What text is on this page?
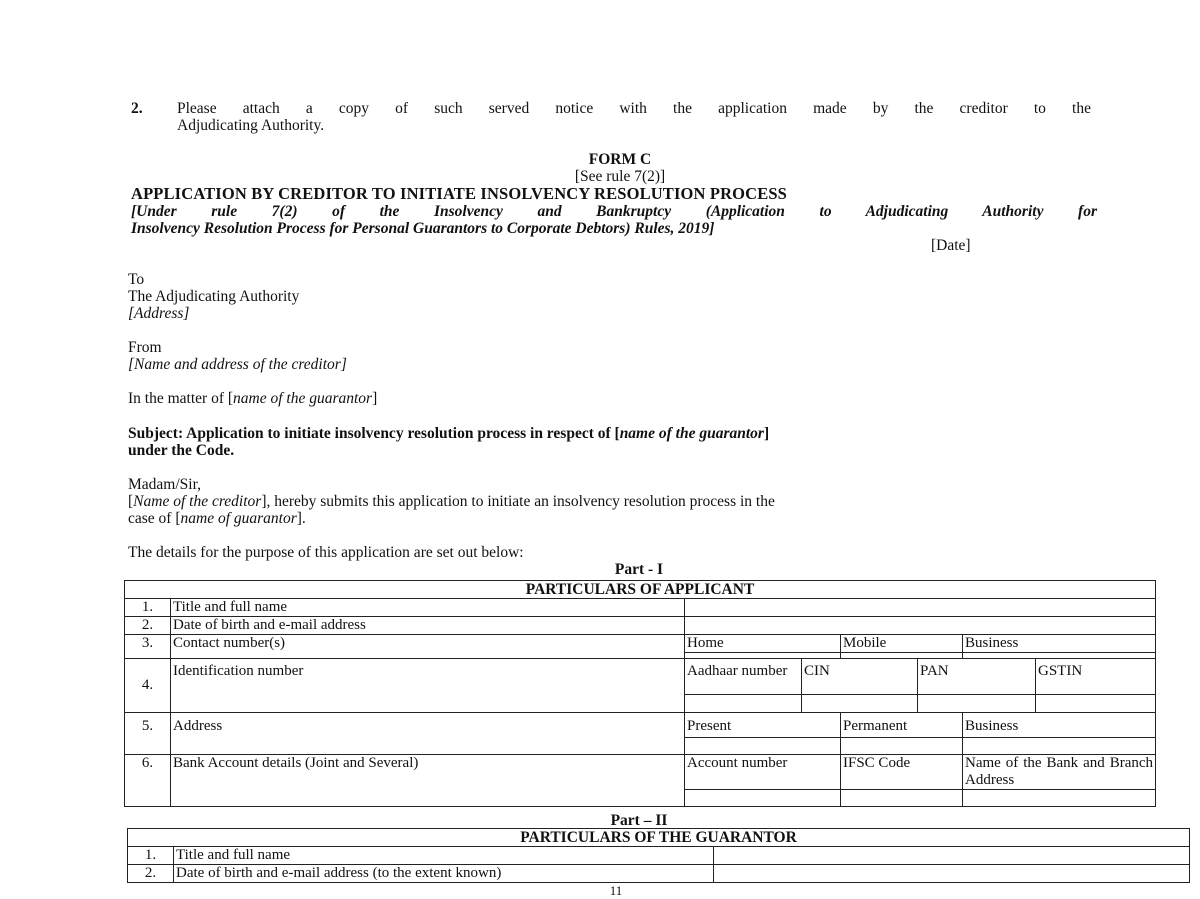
2. Please attach a copy of such served notice with the application made by the creditor to the
Adjudicating Authority.
FORM C
[See rule 7(2)]
APPLICATION BY CREDITOR TO INITIATE INSOLVENCY RESOLUTION PROCESS
[Under rule 7(2) of the Insolvency and Bankruptcy (Application to Adjudicating Authority for
Insolvency Resolution Process for Personal Guarantors to Corporate Debtors) Rules, 2019]
[Date]
To
The Adjudicating Authority
[Address]
From
[Name and address of the creditor]
In the matter of [name of the guarantor]
Subject: Application to initiate insolvency resolution process in respect of [name of the guarantor]
under the Code.
Madam/Sir,
[Name of the creditor], hereby submits this application to initiate an insolvency resolution process in the
case of [name of guarantor].
The details for the purpose of this application are set out below:
Part - I
PARTICULARS OF APPLICANT							
1.	Title and full name						
2.	Date of birth and e-mail address						
3.	Contact number(s)	Home		Mobile		Business	

4.	Identification number	Aadhaar number	CIN		PAN		GSTIN

5.	Address	Present		Permanent		Business	

6.	Bank Account details (Joint and Several)	Account number		IFSC Code		Name of the Bank and Branch Address	

Part – II
PARTICULARS OF THE GUARANTOR		
1.	Title and full name	
2.	Date of birth and e-mail address (to the extent known)	
11
